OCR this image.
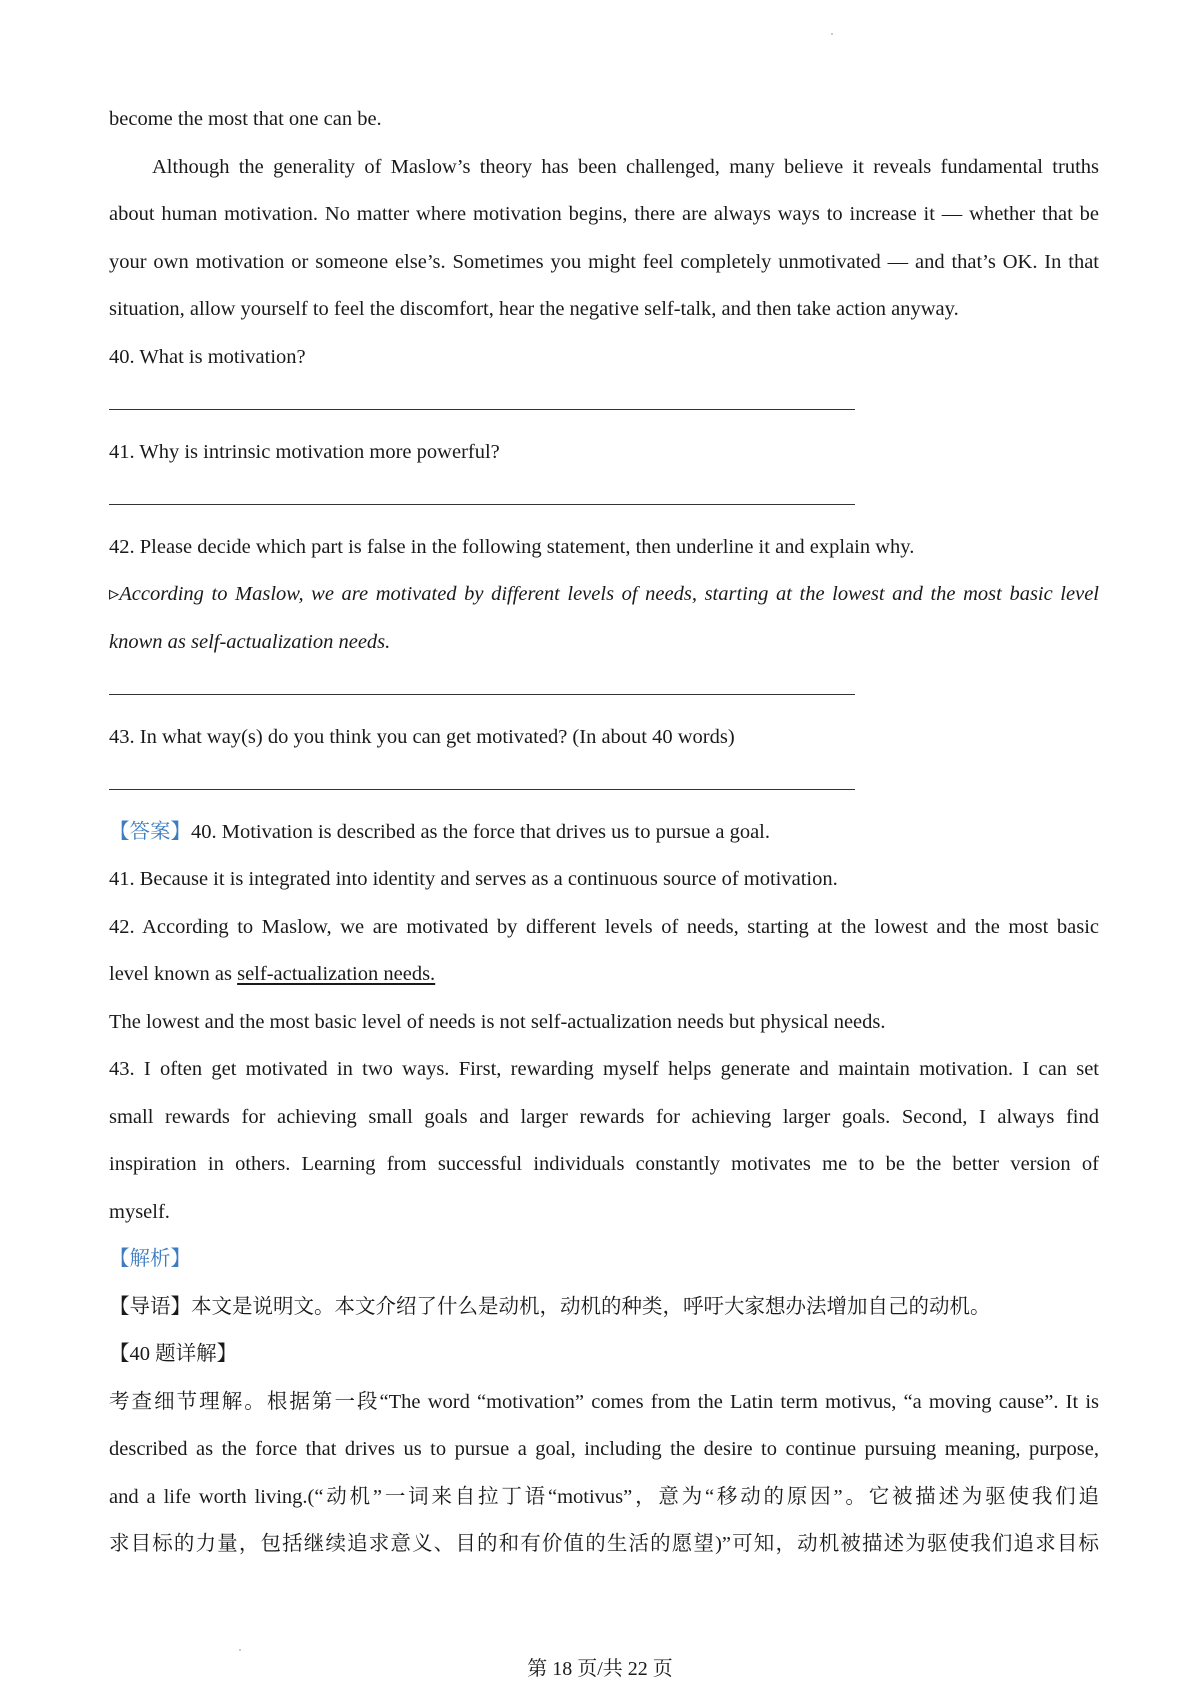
become the most that one can be.
Although the generality of Maslow’s theory has been challenged, many believe it reveals fundamental truths
about human motivation. No matter where motivation begins, there are always ways to increase it — whether that be
your own motivation or someone else’s. Sometimes you might feel completely unmotivated — and that’s OK. In that
situation, allow yourself to feel the discomfort, hear the negative self-talk, and then take action anyway.
40. What is motivation?
41. Why is intrinsic motivation more powerful?
42. Please decide which part is false in the following statement, then underline it and explain why.
▹According to Maslow, we are motivated by different levels of needs, starting at the lowest and the most basic level
known as self-actualization needs.
43. In what way(s) do you think you can get motivated? (In about 40 words)
【答案】40. Motivation is described as the force that drives us to pursue a goal.
41. Because it is integrated into identity and serves as a continuous source of motivation.
42. According to Maslow, we are motivated by different levels of needs, starting at the lowest and the most basic
level known as self-actualization needs.
The lowest and the most basic level of needs is not self-actualization needs but physical needs.
43. I often get motivated in two ways. First, rewarding myself helps generate and maintain motivation. I can set
small rewards for achieving small goals and larger rewards for achieving larger goals. Second, I always find
inspiration in others. Learning from successful individuals constantly motivates me to be the better version of
myself.
【解析】
【导语】本文是说明文。本文介绍了什么是动机，动机的种类，呼吁大家想办法增加自己的动机。
【40 题详解】
考查细节理解。根据第一段“The word “motivation” comes from the Latin term motivus, “a moving cause”. It is
described as the force that drives us to pursue a goal, including the desire to continue pursuing meaning, purpose,
and a life worth living.(“动机”一词来自拉丁语“motivus”，意为“移动的原因”。它被描述为驱使我们追
求目标的力量，包括继续追求意义、目的和有价值的生活的愿望)”可知，动机被描述为驱使我们追求目标
第 18 页/共 22 页
